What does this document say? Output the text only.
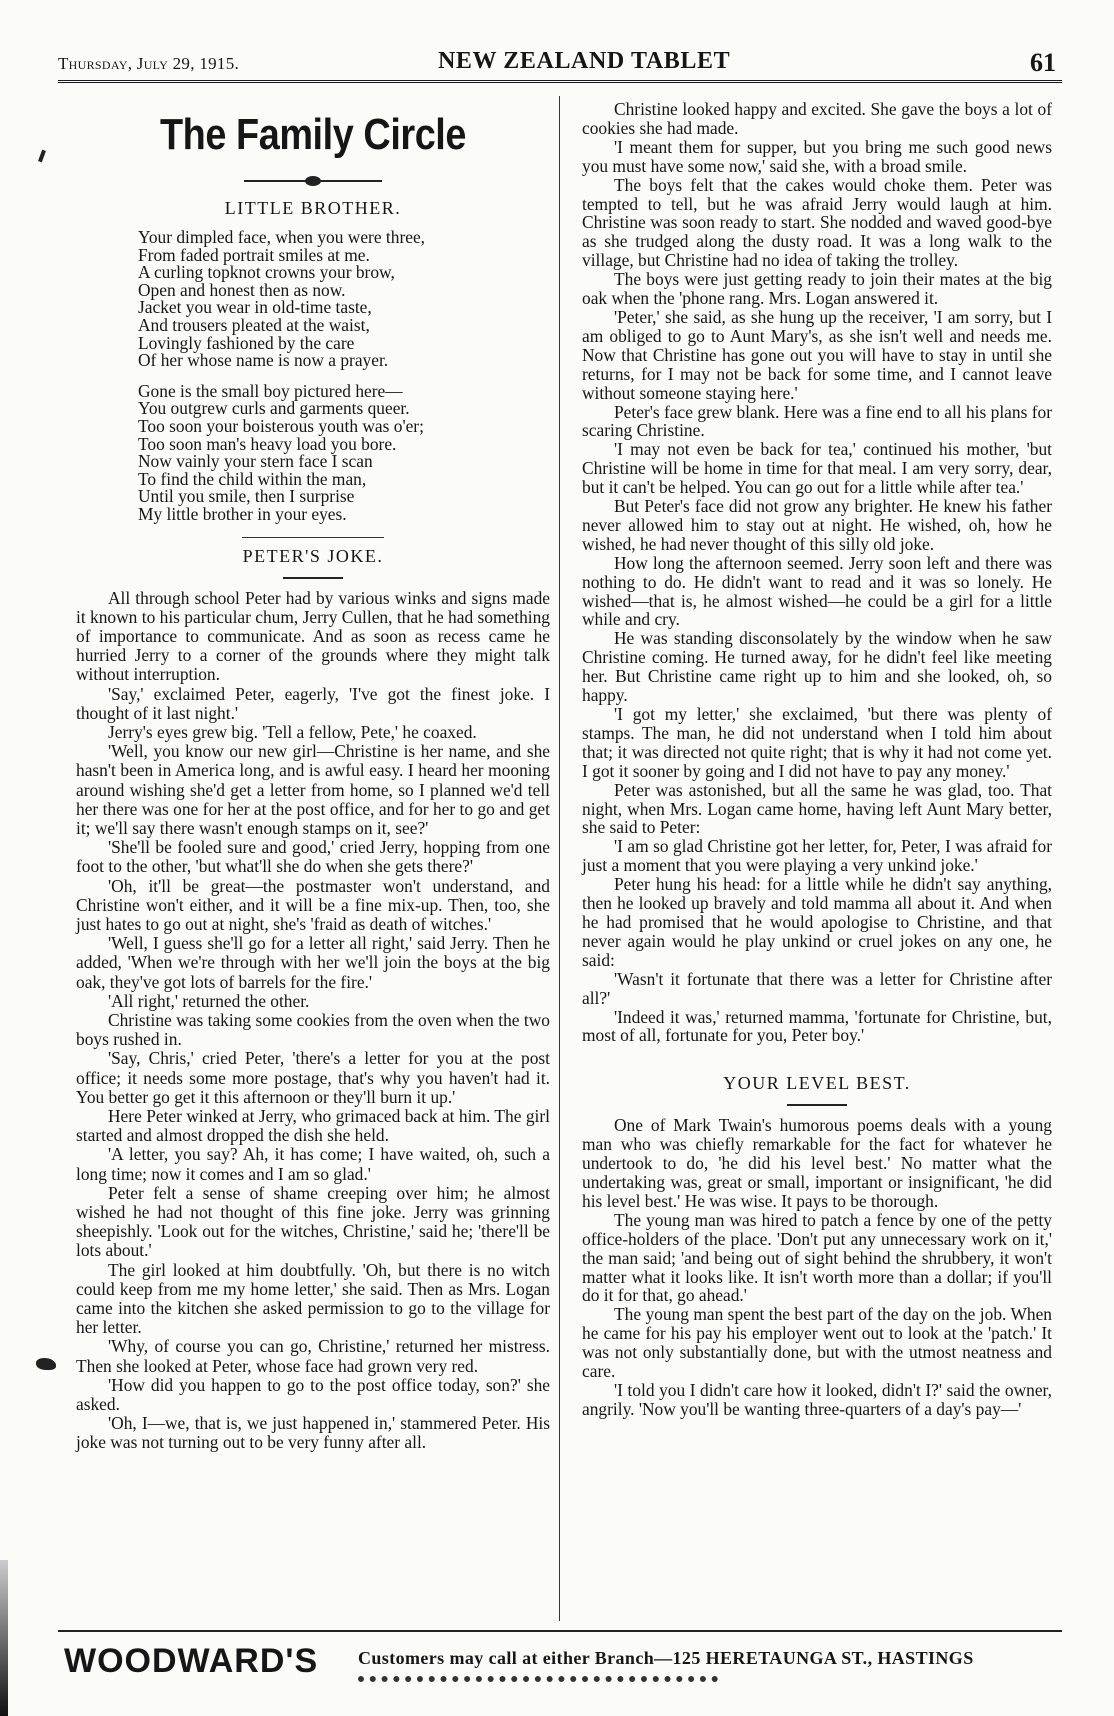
Thursday, July 29, 1915.	NEW ZEALAND TABLET	61
The Family Circle
LITTLE BROTHER.
Your dimpled face, when you were three,
From faded portrait smiles at me.
A curling topknot crowns your brow,
Open and honest then as now.
Jacket you wear in old-time taste,
And trousers pleated at the waist,
Lovingly fashioned by the care
Of her whose name is now a prayer.
Gone is the small boy pictured here—
You outgrew curls and garments queer.
Too soon your boisterous youth was o'er;
Too soon man's heavy load you bore.
Now vainly your stern face I scan
To find the child within the man,
Until you smile, then I surprise
My little brother in your eyes.
PETER'S JOKE.

All through school Peter had by various winks and signs made it known to his particular chum, Jerry Cullen, that he had something of importance to communicate. And as soon as recess came he hurried Jerry to a corner of the grounds where they might talk without interruption.

'Say,' exclaimed Peter, eagerly, 'I've got the finest joke. I thought of it last night.'

Jerry's eyes grew big. 'Tell a fellow, Pete,' he coaxed.

'Well, you know our new girl—Christine is her name, and she hasn't been in America long, and is awful easy. I heard her mooning around wishing she'd get a letter from home, so I planned we'd tell her there was one for her at the post office, and for her to go and get it; we'll say there wasn't enough stamps on it, see?'

'She'll be fooled sure and good,' cried Jerry, hopping from one foot to the other, 'but what'll she do when she gets there?'

'Oh, it'll be great—the postmaster won't understand, and Christine won't either, and it will be a fine mix-up. Then, too, she just hates to go out at night, she's 'fraid as death of witches.'

'Well, I guess she'll go for a letter all right,' said Jerry. Then he added, 'When we're through with her we'll join the boys at the big oak, they've got lots of barrels for the fire.'

'All right,' returned the other.

Christine was taking some cookies from the oven when the two boys rushed in.

'Say, Chris,' cried Peter, 'there's a letter for you at the post office; it needs some more postage, that's why you haven't had it. You better go get it this afternoon or they'll burn it up.'

Here Peter winked at Jerry, who grimaced back at him. The girl started and almost dropped the dish she held.

'A letter, you say? Ah, it has come; I have waited, oh, such a long time; now it comes and I am so glad.'

Peter felt a sense of shame creeping over him; he almost wished he had not thought of this fine joke. Jerry was grinning sheepishly. 'Look out for the witches, Christine,' said he; 'there'll be lots about.'

The girl looked at him doubtfully. 'Oh, but there is no witch could keep from me my home letter,' she said. Then as Mrs. Logan came into the kitchen she asked permission to go to the village for her letter.

'Why, of course you can go, Christine,' returned her mistress. Then she looked at Peter, whose face had grown very red.

'How did you happen to go to the post office today, son?' she asked.

'Oh, I—we, that is, we just happened in,' stammered Peter. His joke was not turning out to be very funny after all.

Christine looked happy and excited. She gave the boys a lot of cookies she had made.

'I meant them for supper, but you bring me such good news you must have some now,' said she, with a broad smile.

The boys felt that the cakes would choke them. Peter was tempted to tell, but he was afraid Jerry would laugh at him. Christine was soon ready to start. She nodded and waved good-bye as she trudged along the dusty road. It was a long walk to the village, but Christine had no idea of taking the trolley.

The boys were just getting ready to join their mates at the big oak when the 'phone rang. Mrs. Logan answered it.

'Peter,' she said, as she hung up the receiver, 'I am sorry, but I am obliged to go to Aunt Mary's, as she isn't well and needs me. Now that Christine has gone out you will have to stay in until she returns, for I may not be back for some time, and I cannot leave without someone staying here.'

Peter's face grew blank. Here was a fine end to all his plans for scaring Christine.

'I may not even be back for tea,' continued his mother, 'but Christine will be home in time for that meal. I am very sorry, dear, but it can't be helped. You can go out for a little while after tea.'

But Peter's face did not grow any brighter. He knew his father never allowed him to stay out at night. He wished, oh, how he wished, he had never thought of this silly old joke.

How long the afternoon seemed. Jerry soon left and there was nothing to do. He didn't want to read and it was so lonely. He wished—that is, he almost wished—he could be a girl for a little while and cry.

He was standing disconsolately by the window when he saw Christine coming. He turned away, for he didn't feel like meeting her. But Christine came right up to him and she looked, oh, so happy.

'I got my letter,' she exclaimed, 'but there was plenty of stamps. The man, he did not understand when I told him about that; it was directed not quite right; that is why it had not come yet. I got it sooner by going and I did not have to pay any money.'

Peter was astonished, but all the same he was glad, too. That night, when Mrs. Logan came home, having left Aunt Mary better, she said to Peter:

'I am so glad Christine got her letter, for, Peter, I was afraid for just a moment that you were playing a very unkind joke.'

Peter hung his head: for a little while he didn't say anything, then he looked up bravely and told mamma all about it. And when he had promised that he would apologise to Christine, and that never again would he play unkind or cruel jokes on any one, he said:

'Wasn't it fortunate that there was a letter for Christine after all?'

'Indeed it was,' returned mamma, 'fortunate for Christine, but, most of all, fortunate for you, Peter boy.'

YOUR LEVEL BEST.

One of Mark Twain's humorous poems deals with a young man who was chiefly remarkable for the fact for whatever he undertook to do, 'he did his level best.' No matter what the undertaking was, great or small, important or insignificant, 'he did his level best.' He was wise. It pays to be thorough.

The young man was hired to patch a fence by one of the petty office-holders of the place. 'Don't put any unnecessary work on it,' the man said; 'and being out of sight behind the shrubbery, it won't matter what it looks like. It isn't worth more than a dollar; if you'll do it for that, go ahead.'

The young man spent the best part of the day on the job. When he came for his pay his employer went out to look at the 'patch.' It was not only substantially done, but with the utmost neatness and care.

'I told you I didn't care how it looked, didn't I?' said the owner, angrily. 'Now you'll be wanting three-quarters of a day's pay—'

WOODWARD'S Customers may call at either Branch—125 HERETAUNGA ST., HASTINGS
